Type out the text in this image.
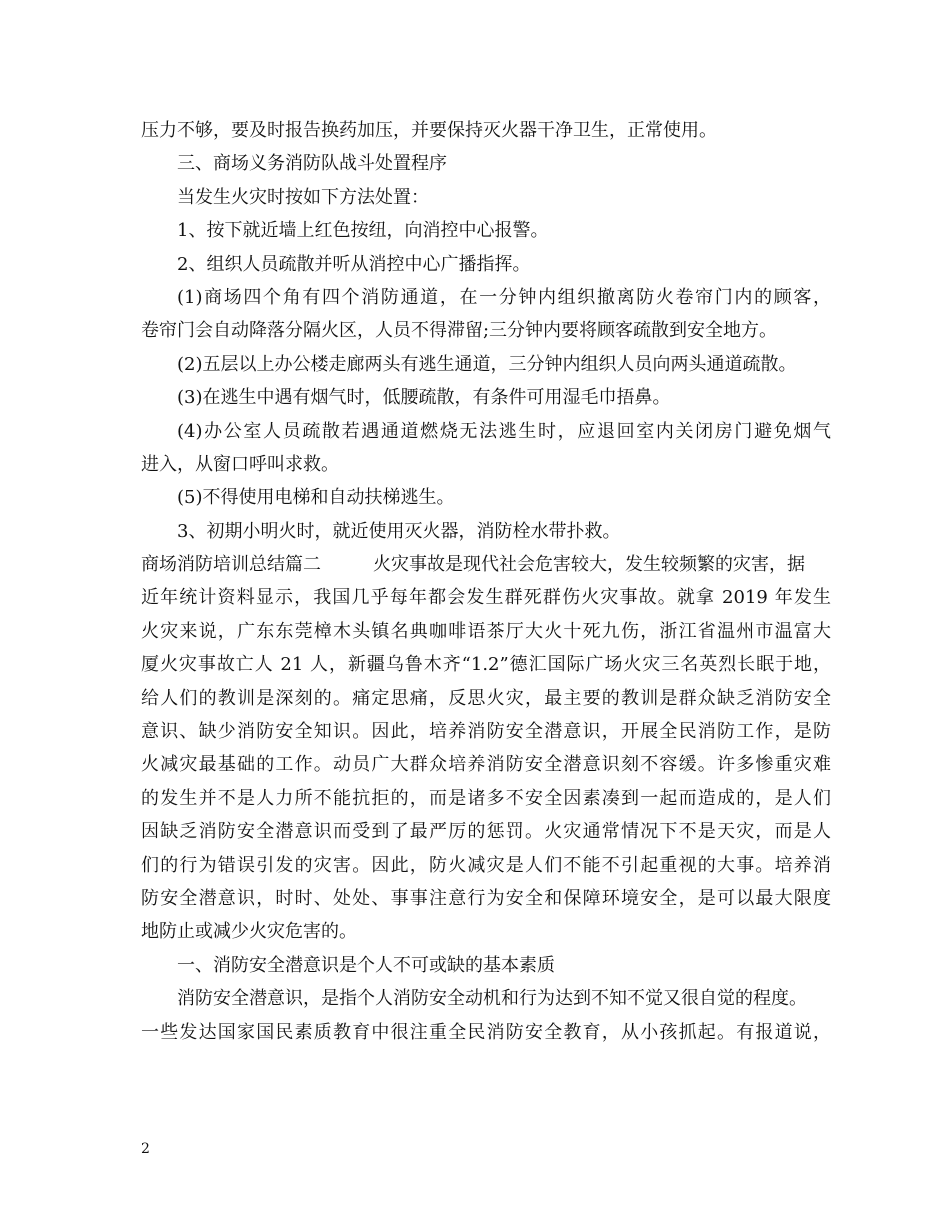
压力不够，要及时报告换药加压，并要保持灭火器干净卫生，正常使用。
三、商场义务消防队战斗处置程序
当发生火灾时按如下方法处置：
1、按下就近墙上红色按纽，向消控中心报警。
2、组织人员疏散并听从消控中心广播指挥。
(1)商场四个角有四个消防通道，在一分钟内组织撤离防火卷帘门内的顾客，
卷帘门会自动降落分隔火区，人员不得滞留;三分钟内要将顾客疏散到安全地方。
(2)五层以上办公楼走廊两头有逃生通道，三分钟内组织人员向两头通道疏散。
(3)在逃生中遇有烟气时，低腰疏散，有条件可用湿毛巾捂鼻。
(4)办公室人员疏散若遇通道燃烧无法逃生时，应退回室内关闭房门避免烟气
进入，从窗口呼叫求救。
(5)不得使用电梯和自动扶梯逃生。
3、初期小明火时，就近使用灭火器，消防栓水带扑救。
商场消防培训总结篇二	火灾事故是现代社会危害较大，发生较频繁的灾害，据
近年统计资料显示，我国几乎每年都会发生群死群伤火灾事故。就拿 2019 年发生
火灾来说，广东东莞樟木头镇名典咖啡语茶厅大火十死九伤，浙江省温州市温富大
厦火灾事故亡人 21 人，新疆乌鲁木齐“1.2”德汇国际广场火灾三名英烈长眠于地，
给人们的教训是深刻的。痛定思痛，反思火灾，最主要的教训是群众缺乏消防安全
意识、缺少消防安全知识。因此，培养消防安全潜意识，开展全民消防工作，是防
火减灾最基础的工作。动员广大群众培养消防安全潜意识刻不容缓。许多惨重灾难
的发生并不是人力所不能抗拒的，而是诸多不安全因素凑到一起而造成的，是人们
因缺乏消防安全潜意识而受到了最严厉的惩罚。火灾通常情况下不是天灾，而是人
们的行为错误引发的灾害。因此，防火减灾是人们不能不引起重视的大事。培养消
防安全潜意识，时时、处处、事事注意行为安全和保障环境安全，是可以最大限度
地防止或减少火灾危害的。
一、消防安全潜意识是个人不可或缺的基本素质
消防安全潜意识，是指个人消防安全动机和行为达到不知不觉又很自觉的程度。
一些发达国家国民素质教育中很注重全民消防安全教育，从小孩抓起。有报道说，
2
